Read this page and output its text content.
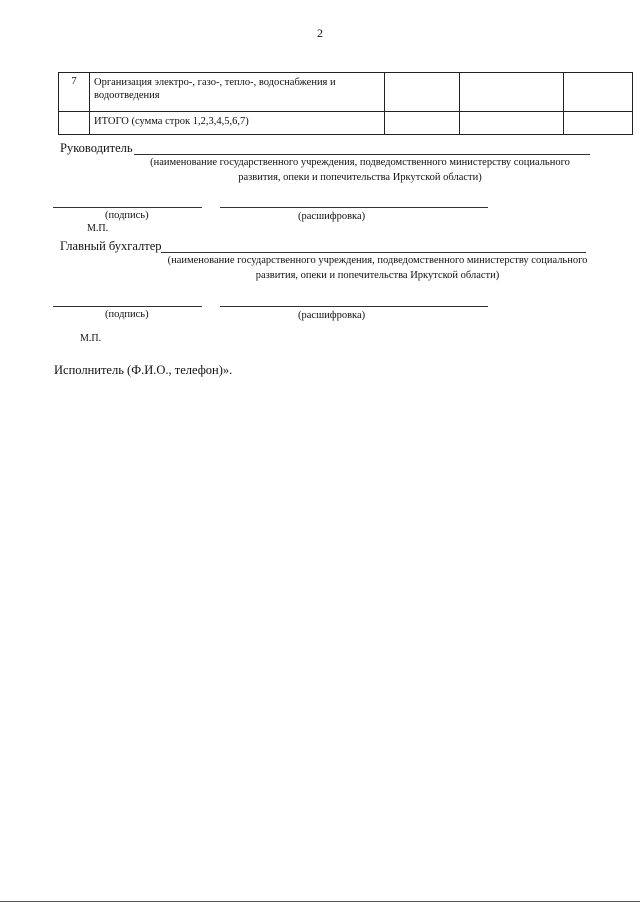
2
7	Организация электро-, газо-, тепло-, водоснабжения и водоотведения			
	ИТОГО (сумма строк 1,2,3,4,5,6,7)			
Руководитель
(наименование государственного учреждения, подведомственного министерству социального развития, опеки и попечительства Иркутской области)
(подпись)	(расшифровка)
М.П.
Главный бухгалтер
(наименование государственного учреждения, подведомственного министерству социального развития, опеки и попечительства Иркутской области)
(подпись)	(расшифровка)
М.П.
Исполнитель (Ф.И.О., телефон)».
